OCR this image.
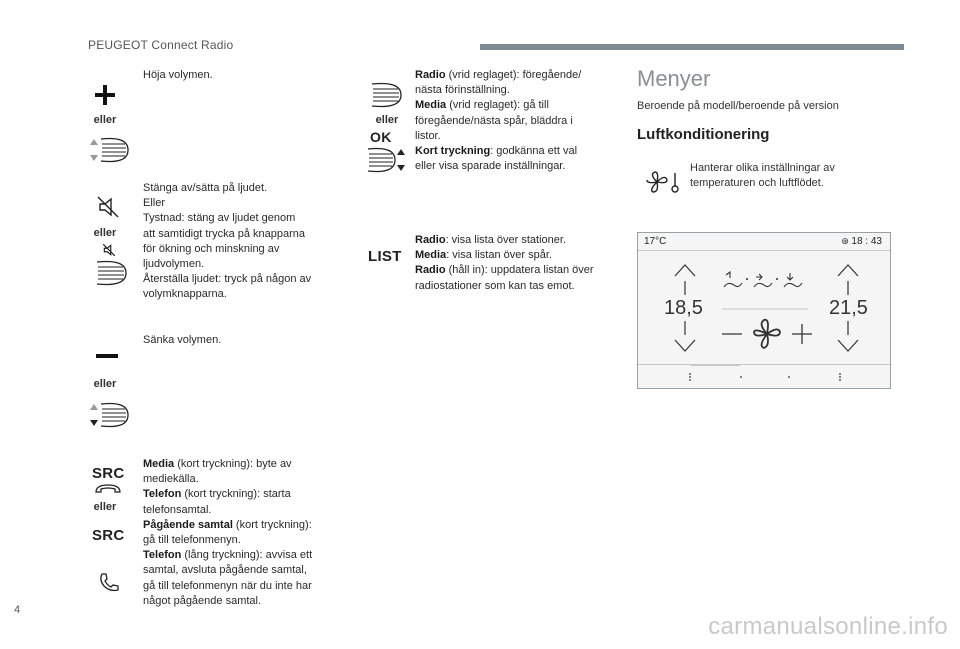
PEUGEOT Connect Radio
Höja volymen.
eller
eller
Stänga av/sätta på ljudet.
Eller
Tystnad: stäng av ljudet genom
att samtidigt trycka på knapparna
för ökning och minskning av
ljudvolymen.
Återställa ljudet: tryck på någon av
volymknapparna.
Sänka volymen.
eller
SRC
eller
SRC
Media (kort tryckning): byte av
mediekälla.
Telefon (kort tryckning): starta
telefonsamtal.
Pågående samtal (kort tryckning):
gå till telefonmenyn.
Telefon (lång tryckning): avvisa ett
samtal, avsluta pågående samtal,
gå till telefonmenyn när du inte har
något pågående samtal.
eller
OK
Radio (vrid reglaget): föregående/
nästa förinställning.
Media (vrid reglaget): gå till
föregående/nästa spår, bläddra i
listor.
Kort tryckning: godkänna ett val
eller visa sparade inställningar.
LIST
Radio: visa lista över stationer.
Media: visa listan över spår.
Radio (håll in): uppdatera listan över
radiostationer som kan tas emot.
Menyer
Beroende på modell/beroende på version
Luftkonditionering
Hanterar olika inställningar av
temperaturen och luftflödet.
17°C	⊛ 18 : 43
18,5	21,5
4
carmanualsonline.info
